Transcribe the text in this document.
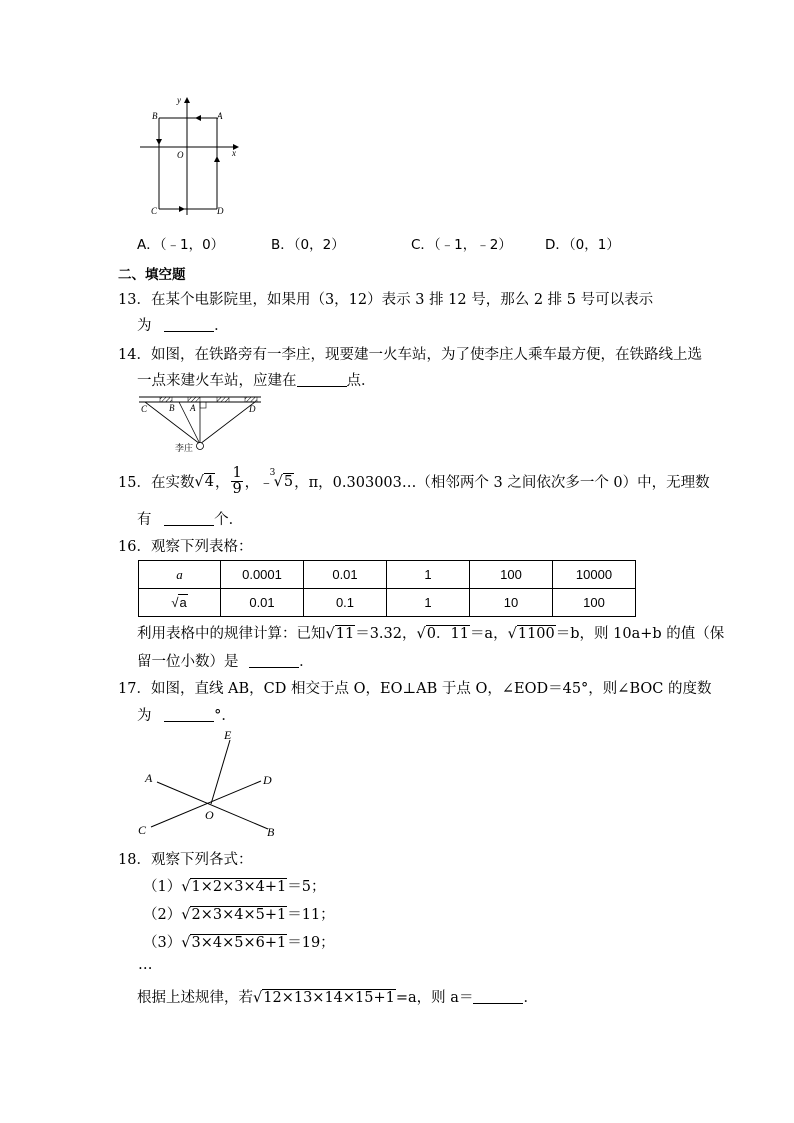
y
x
B	A
O
C	D
A．（﹣1，0）	B．（0，2）	C．（﹣1，﹣2） D．（0，1）
二、填空题
13．在某个电影院里，如果用（3，12）表示 3 排 12 号，那么 2 排 5 号可以表示
为	．
14．如图，在铁路旁有一李庄，现要建一火车站，为了使李庄人乘车最方便，在铁路线上选
一点来建火车站，应建在	点．
C B A	D
李庄
15．在实数√4， $\frac{1}{9}$ ，﹣
3
√5，π，0.303003…（相邻两个 3 之间依次多一个 0）中，无理数
有	个．
16．观察下列表格：
a	0.0001	0.01	1	100	10000
√a	0.01	0.1	1	10	100
利用表格中的规律计算：已知√11＝3.32，√0．11＝a，√1100＝b，则 10a+b 的值（保
留一位小数）是	．
17．如图，直线 AB，CD 相交于点 O，EO⊥AB 于点 O，∠EOD＝45°，则∠BOC 的度数
为	°．
E
A	D
O
C	B
18．观察下列各式：
（1）√1×2×3×4+1＝5；
（2）√2×3×4×5+1＝11；
（3）√3×4×5×6+1＝19；
…
根据上述规律，若√12×13×14×15+1=a，则 a＝	．
